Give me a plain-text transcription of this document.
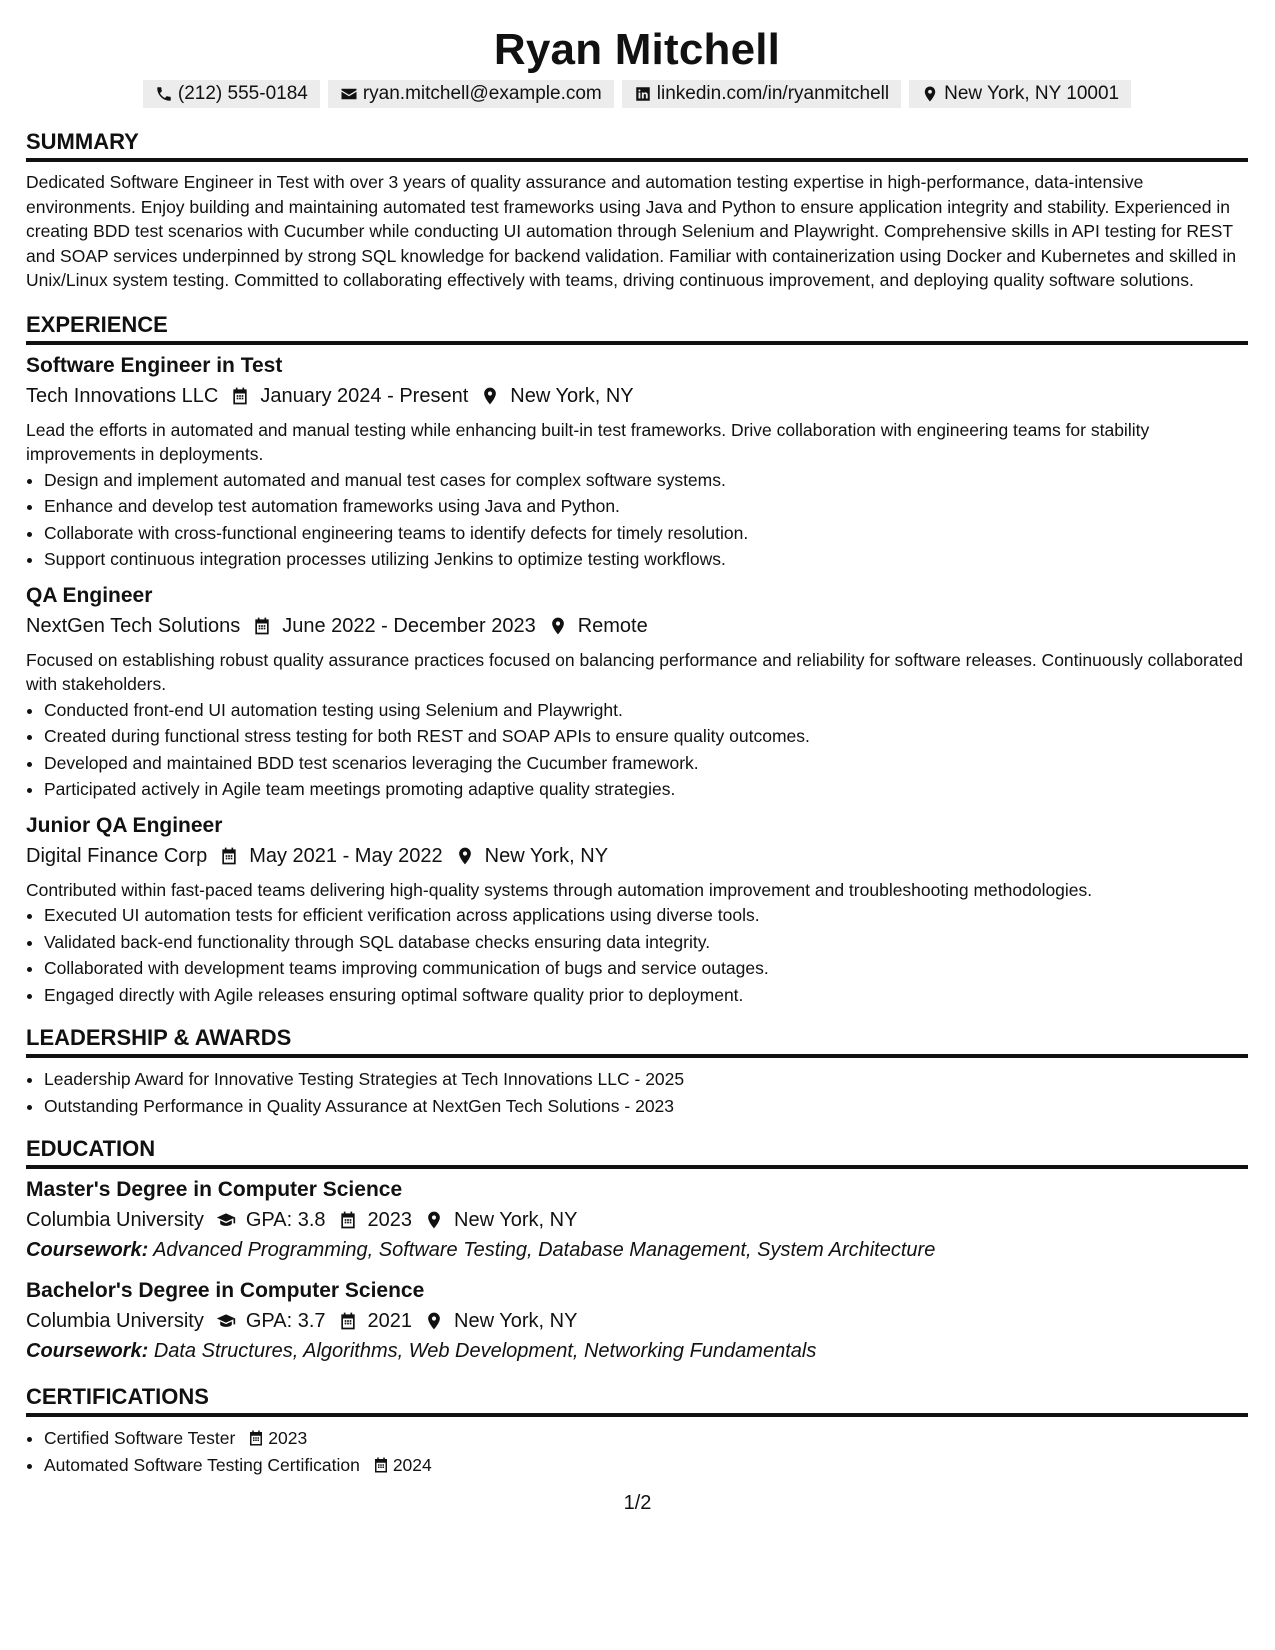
Ryan Mitchell
(212) 555-0184	ryan.mitchell@example.com	linkedin.com/in/ryanmitchell	New York, NY 10001
SUMMARY
Dedicated Software Engineer in Test with over 3 years of quality assurance and automation testing expertise in high-performance, data-intensive environments. Enjoy building and maintaining automated test frameworks using Java and Python to ensure application integrity and stability. Experienced in creating BDD test scenarios with Cucumber while conducting UI automation through Selenium and Playwright. Comprehensive skills in API testing for REST and SOAP services underpinned by strong SQL knowledge for backend validation. Familiar with containerization using Docker and Kubernetes and skilled in Unix/Linux system testing. Committed to collaborating effectively with teams, driving continuous improvement, and deploying quality software solutions.
EXPERIENCE
Software Engineer in Test
Tech Innovations LLC January 2024 - Present New York, NY
Lead the efforts in automated and manual testing while enhancing built-in test frameworks. Drive collaboration with engineering teams for stability improvements in deployments.
• Design and implement automated and manual test cases for complex software systems.
• Enhance and develop test automation frameworks using Java and Python.
• Collaborate with cross-functional engineering teams to identify defects for timely resolution.
• Support continuous integration processes utilizing Jenkins to optimize testing workflows.
QA Engineer
NextGen Tech Solutions June 2022 - December 2023 Remote
Focused on establishing robust quality assurance practices focused on balancing performance and reliability for software releases. Continuously collaborated with stakeholders.
• Conducted front-end UI automation testing using Selenium and Playwright.
• Created during functional stress testing for both REST and SOAP APIs to ensure quality outcomes.
• Developed and maintained BDD test scenarios leveraging the Cucumber framework.
• Participated actively in Agile team meetings promoting adaptive quality strategies.
Junior QA Engineer
Digital Finance Corp May 2021 - May 2022 New York, NY
Contributed within fast-paced teams delivering high-quality systems through automation improvement and troubleshooting methodologies.
• Executed UI automation tests for efficient verification across applications using diverse tools.
• Validated back-end functionality through SQL database checks ensuring data integrity.
• Collaborated with development teams improving communication of bugs and service outages.
• Engaged directly with Agile releases ensuring optimal software quality prior to deployment.
LEADERSHIP & AWARDS
• Leadership Award for Innovative Testing Strategies at Tech Innovations LLC - 2025
• Outstanding Performance in Quality Assurance at NextGen Tech Solutions - 2023
EDUCATION
Master's Degree in Computer Science
Columbia University GPA: 3.8 2023 New York, NY
Coursework: Advanced Programming, Software Testing, Database Management, System Architecture
Bachelor's Degree in Computer Science
Columbia University GPA: 3.7 2021 New York, NY
Coursework: Data Structures, Algorithms, Web Development, Networking Fundamentals
CERTIFICATIONS
• Certified Software Tester 2023
• Automated Software Testing Certification 2024
1/2
